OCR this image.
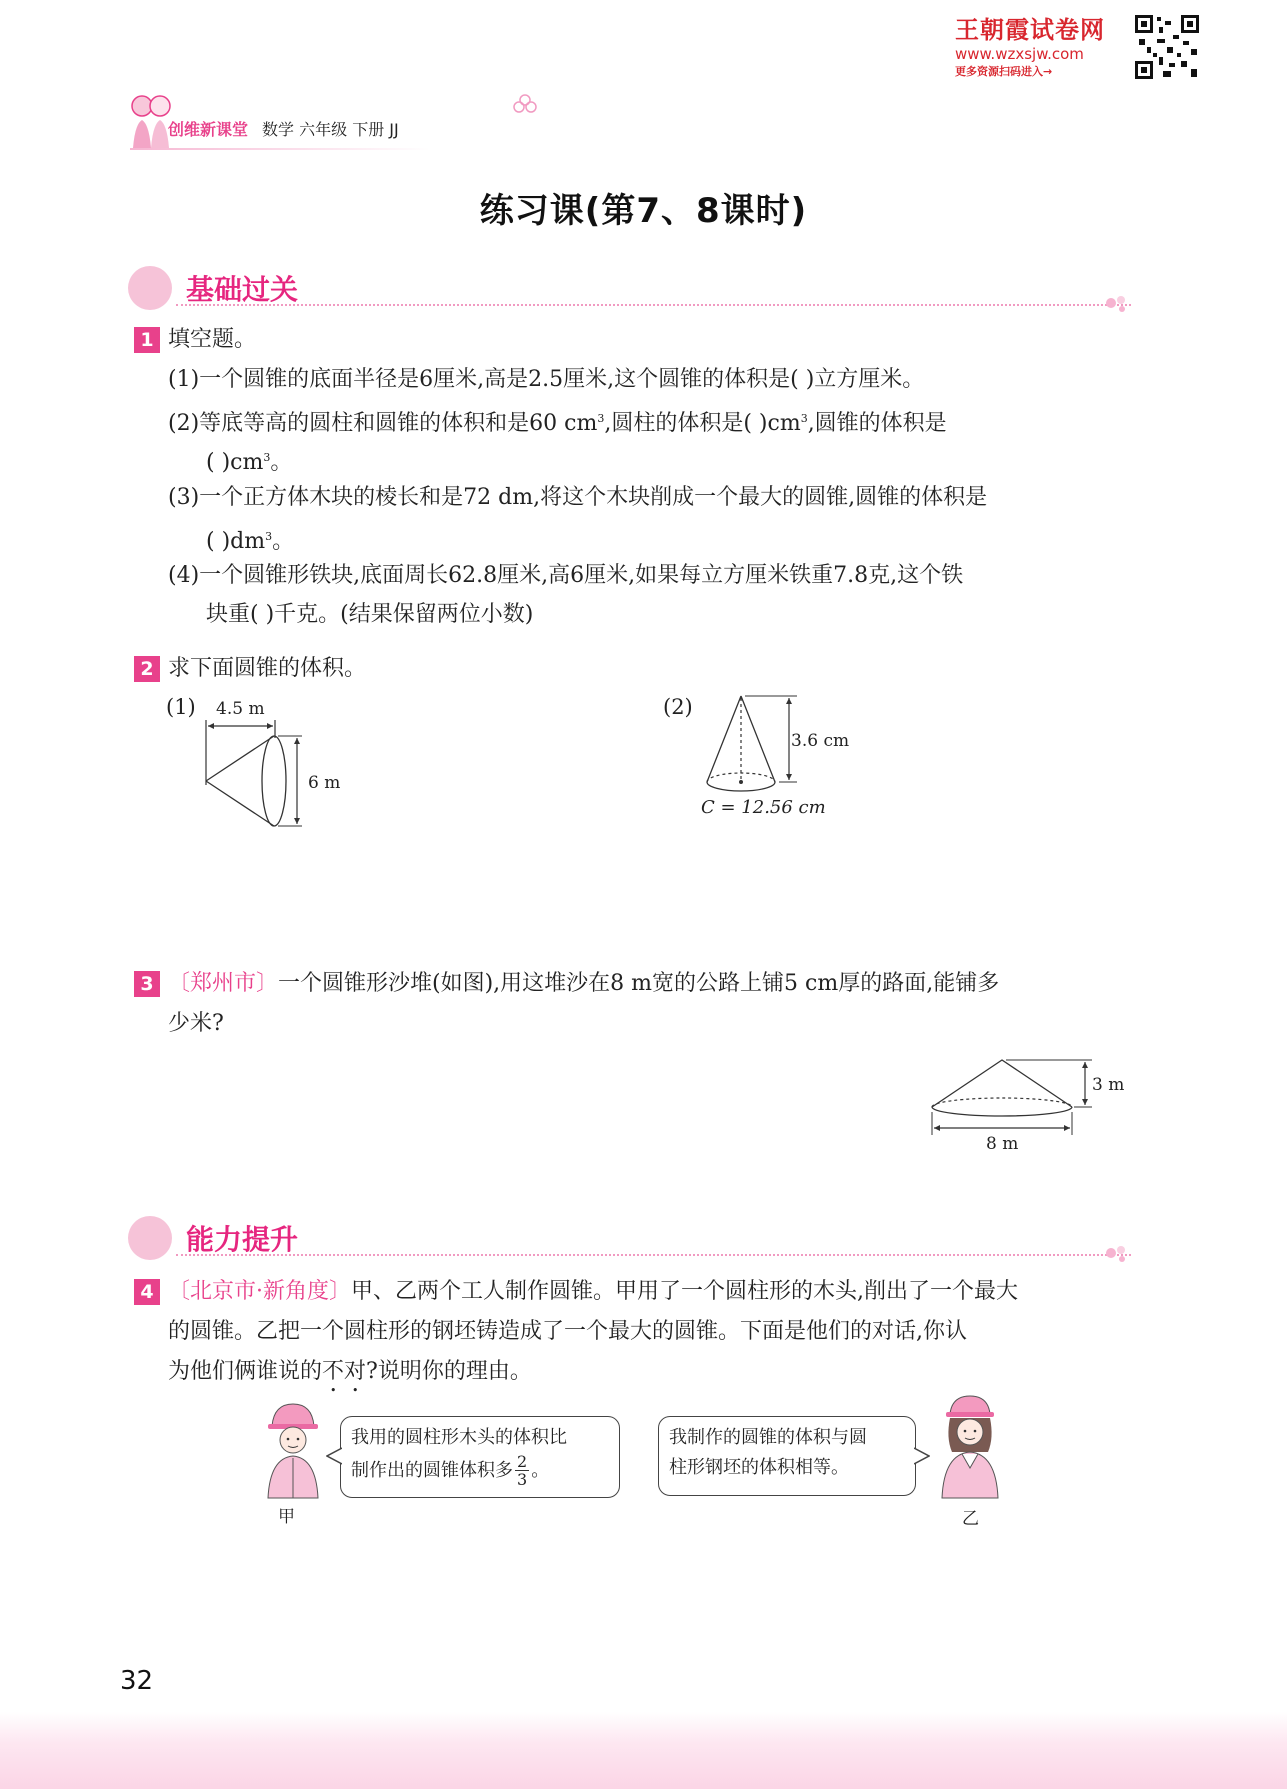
王朝霞试卷网
www.wzxsjw.com
更多资源扫码进入→
创维新课堂 数学 六年级 下册 JJ
练习课(第7、8课时)
基础过关
1 填空题。
(1)一个圆锥的底面半径是6厘米,高是2.5厘米,这个圆锥的体积是( )立方厘米。
(2)等底等高的圆柱和圆锥的体积和是60 $cm^3$,圆柱的体积是( )$cm^3$,圆锥的体积是
( )$cm^3$。
(3)一个正方体木块的棱长和是72 dm,将这个木块削成一个最大的圆锥,圆锥的体积是
( )$dm^3$。
(4)一个圆锥形铁块,底面周长62.8厘米,高6厘米,如果每立方厘米铁重7.8克,这个铁
块重( )千克。(结果保留两位小数)
2 求下面圆锥的体积。
(1) 4.5 m
6 m
(2)
3.6 cm
C = 12.56 cm
3 〔郑州市〕一个圆锥形沙堆(如图),用这堆沙在8 m宽的公路上铺5 cm厚的路面,能铺多
少米?
3 m
8 m
能力提升
4 〔北京市·新角度〕甲、乙两个工人制作圆锥。甲用了一个圆柱形的木头,削出了一个最大
的圆锥。乙把一个圆柱形的钢坯铸造成了一个最大的圆锥。下面是他们的对话,你认
为他们俩谁说的不对?说明你的理由。
甲
我用的圆柱形木头的体积比
制作出的圆锥体积多 2
3 。
我制作的圆锥的体积与圆
柱形钢坯的体积相等。
乙
32
